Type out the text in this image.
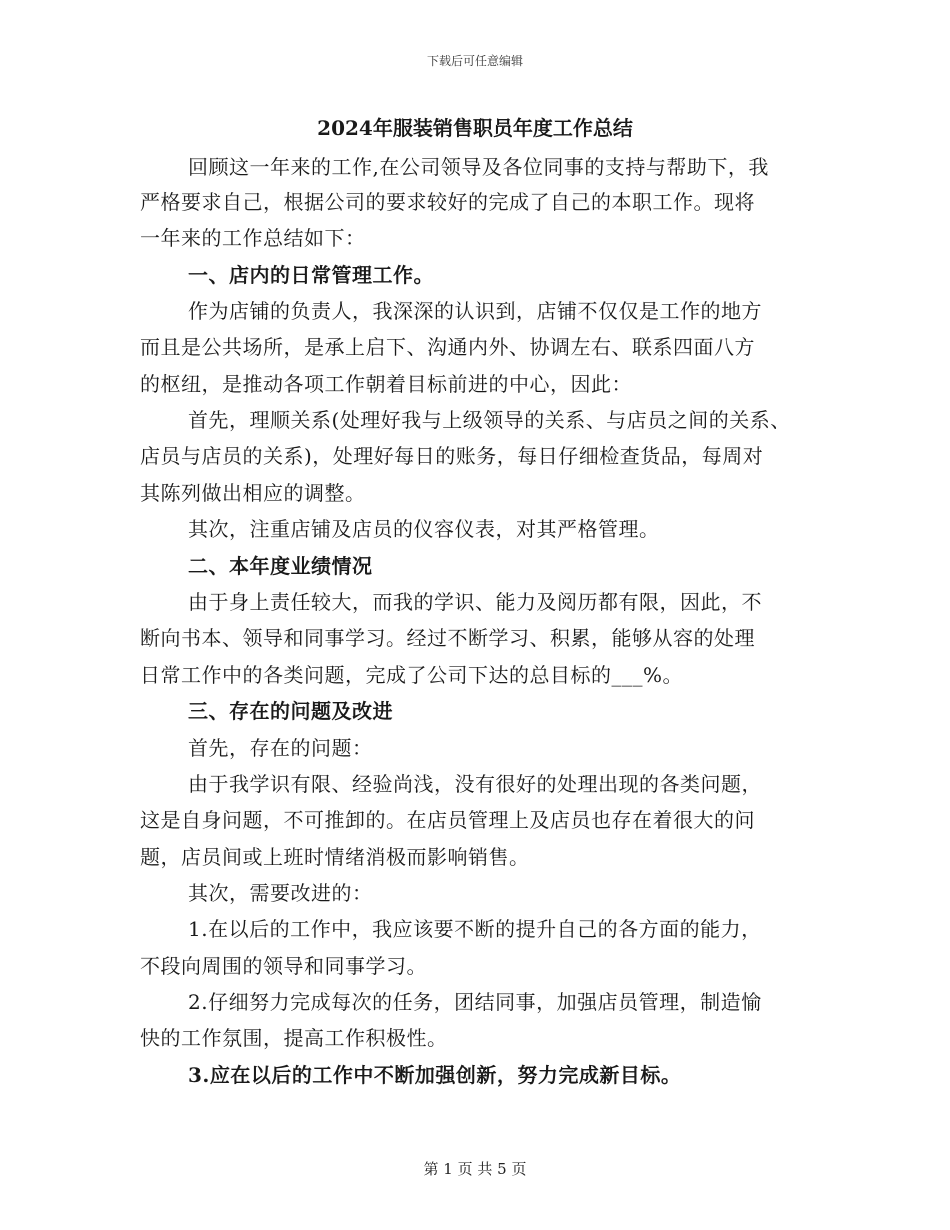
下载后可任意编辑
2024年服装销售职员年度工作总结
回顾这一年来的工作,在公司领导及各位同事的支持与帮助下，我
严格要求自己，根据公司的要求较好的完成了自己的本职工作。现将
一年来的工作总结如下：
一、店内的日常管理工作。
作为店铺的负责人，我深深的认识到，店铺不仅仅是工作的地方
而且是公共场所，是承上启下、沟通内外、协调左右、联系四面八方
的枢纽，是推动各项工作朝着目标前进的中心，因此：
首先，理顺关系(处理好我与上级领导的关系、与店员之间的关系、
店员与店员的关系)，处理好每日的账务，每日仔细检查货品，每周对
其陈列做出相应的调整。
其次，注重店铺及店员的仪容仪表，对其严格管理。
二、本年度业绩情况
由于身上责任较大，而我的学识、能力及阅历都有限，因此，不
断向书本、领导和同事学习。经过不断学习、积累，能够从容的处理
日常工作中的各类问题，完成了公司下达的总目标的___%。
三、存在的问题及改进
首先，存在的问题：
由于我学识有限、经验尚浅，没有很好的处理出现的各类问题，
这是自身问题，不可推卸的。在店员管理上及店员也存在着很大的问
题，店员间或上班时情绪消极而影响销售。
其次，需要改进的：
1.在以后的工作中，我应该要不断的提升自己的各方面的能力，
不段向周围的领导和同事学习。
2.仔细努力完成每次的任务，团结同事，加强店员管理，制造愉
快的工作氛围，提高工作积极性。
3.应在以后的工作中不断加强创新，努力完成新目标。
第 1 页 共 5 页
